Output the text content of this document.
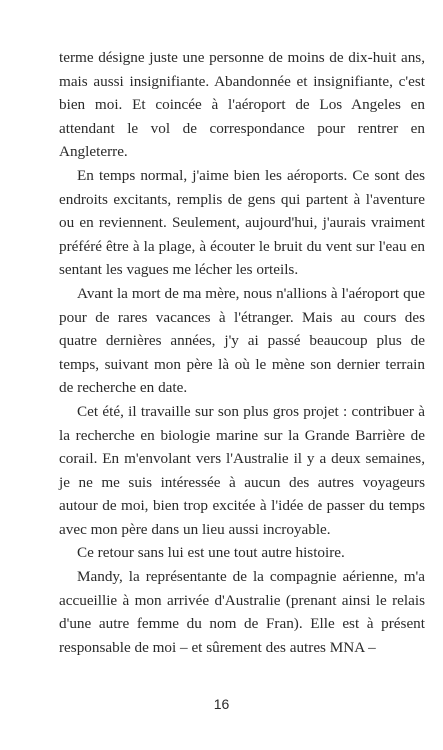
terme désigne juste une personne de moins de dix-huit ans, mais aussi insignifiante. Abandonnée et insignifiante, c'est bien moi. Et coincée à l'aéroport de Los Angeles en attendant le vol de correspondance pour rentrer en Angleterre.

En temps normal, j'aime bien les aéroports. Ce sont des endroits excitants, remplis de gens qui partent à l'aventure ou en reviennent. Seulement, aujourd'hui, j'aurais vraiment préféré être à la plage, à écouter le bruit du vent sur l'eau en sentant les vagues me lécher les orteils.

Avant la mort de ma mère, nous n'allions à l'aéroport que pour de rares vacances à l'étranger. Mais au cours des quatre dernières années, j'y ai passé beaucoup plus de temps, suivant mon père là où le mène son dernier terrain de recherche en date.

Cet été, il travaille sur son plus gros projet : contribuer à la recherche en biologie marine sur la Grande Barrière de corail. En m'envolant vers l'Australie il y a deux semaines, je ne me suis intéressée à aucun des autres voyageurs autour de moi, bien trop excitée à l'idée de passer du temps avec mon père dans un lieu aussi incroyable.

Ce retour sans lui est une tout autre histoire.

Mandy, la représentante de la compagnie aérienne, m'a accueillie à mon arrivée d'Australie (prenant ainsi le relais d'une autre femme du nom de Fran). Elle est à présent responsable de moi – et sûrement des autres MNA –

16
